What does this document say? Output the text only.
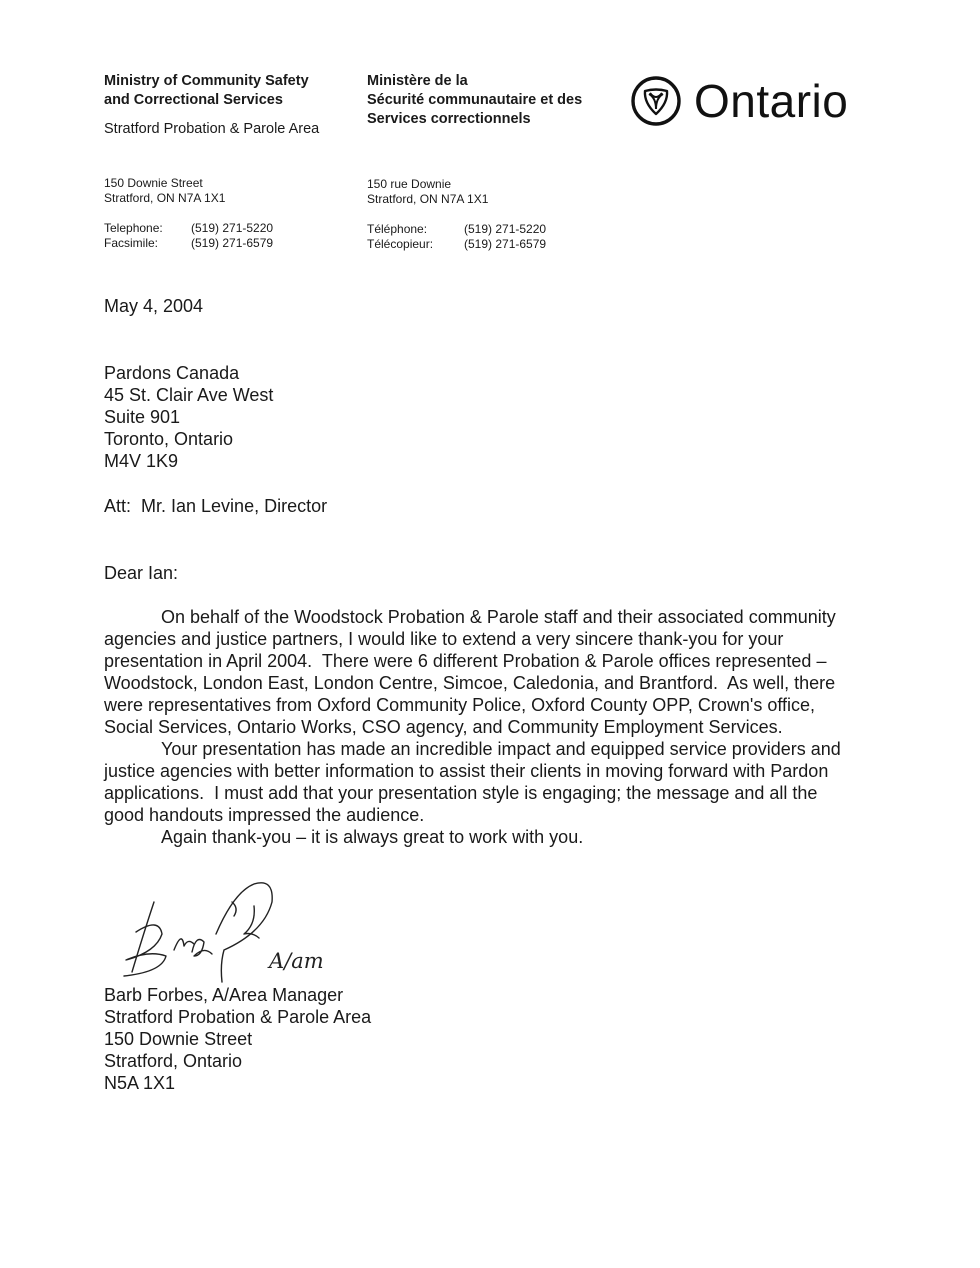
Ministry of Community Safety
and Correctional Services
Stratford Probation & Parole Area
150 Downie Street
Stratford, ON N7A 1X1
Telephone:	(519) 271-5220
Facsimile:	(519) 271-6579
Ministère de la
Sécurité communautaire et des
Services correctionnels
150 rue Downie
Stratford, ON N7A 1X1
Téléphone:	(519) 271-5220
Télécopieur:	(519) 271-6579
Ontario
May 4, 2004
Pardons Canada
45 St. Clair Ave West
Suite 901
Toronto, Ontario
M4V 1K9
Att:  Mr. Ian Levine, Director
Dear Ian:

On behalf of the Woodstock Probation & Parole staff and their associated community agencies and justice partners, I would like to extend a very sincere thank-you for your presentation in April 2004.  There were 6 different Probation & Parole offices represented – Woodstock, London East, London Centre, Simcoe, Caledonia, and Brantford.  As well, there were representatives from Oxford Community Police, Oxford County OPP, Crown's office, Social Services, Ontario Works, CSO agency, and Community Employment Services.

Your presentation has made an incredible impact and equipped service providers and justice agencies with better information to assist their clients in moving forward with Pardon applications.  I must add that your presentation style is engaging; the message and all the good handouts impressed the audience.

Again thank-you – it is always great to work with you.

A/am
Barb Forbes, A/Area Manager
Stratford Probation & Parole Area
150 Downie Street
Stratford, Ontario
N5A 1X1
